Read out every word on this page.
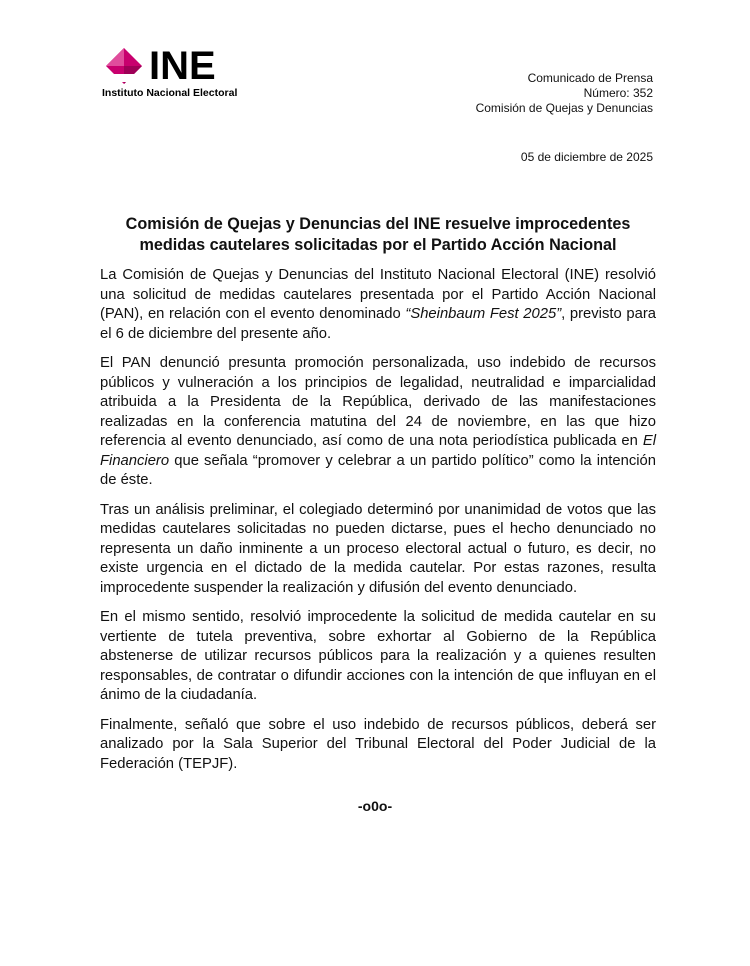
INE
Instituto Nacional Electoral
Comunicado de Prensa
Número: 352
Comisión de Quejas y Denuncias
05 de diciembre de 2025
Comisión de Quejas y Denuncias del INE resuelve improcedentes medidas cautelares solicitadas por el Partido Acción Nacional

La Comisión de Quejas y Denuncias del Instituto Nacional Electoral (INE) resolvió una solicitud de medidas cautelares presentada por el Partido Acción Nacional (PAN), en relación con el evento denominado “Sheinbaum Fest 2025”, previsto para el 6 de diciembre del presente año.

El PAN denunció presunta promoción personalizada, uso indebido de recursos públicos y vulneración a los principios de legalidad, neutralidad e imparcialidad atribuida a la Presidenta de la República, derivado de las manifestaciones realizadas en la conferencia matutina del 24 de noviembre, en las que hizo referencia al evento denunciado, así como de una nota periodística publicada en El Financiero que señala “promover y celebrar a un partido político” como la intención de éste.

Tras un análisis preliminar, el colegiado determinó por unanimidad de votos que las medidas cautelares solicitadas no pueden dictarse, pues el hecho denunciado no representa un daño inminente a un proceso electoral actual o futuro, es decir, no existe urgencia en el dictado de la medida cautelar. Por estas razones, resulta improcedente suspender la realización y difusión del evento denunciado.

En el mismo sentido, resolvió improcedente la solicitud de medida cautelar en su vertiente de tutela preventiva, sobre exhortar al Gobierno de la República abstenerse de utilizar recursos públicos para la realización y a quienes resulten responsables, de contratar o difundir acciones con la intención de que influyan en el ánimo de la ciudadanía.

Finalmente, señaló que sobre el uso indebido de recursos públicos, deberá ser analizado por la Sala Superior del Tribunal Electoral del Poder Judicial de la Federación (TEPJF).

-o0o-
